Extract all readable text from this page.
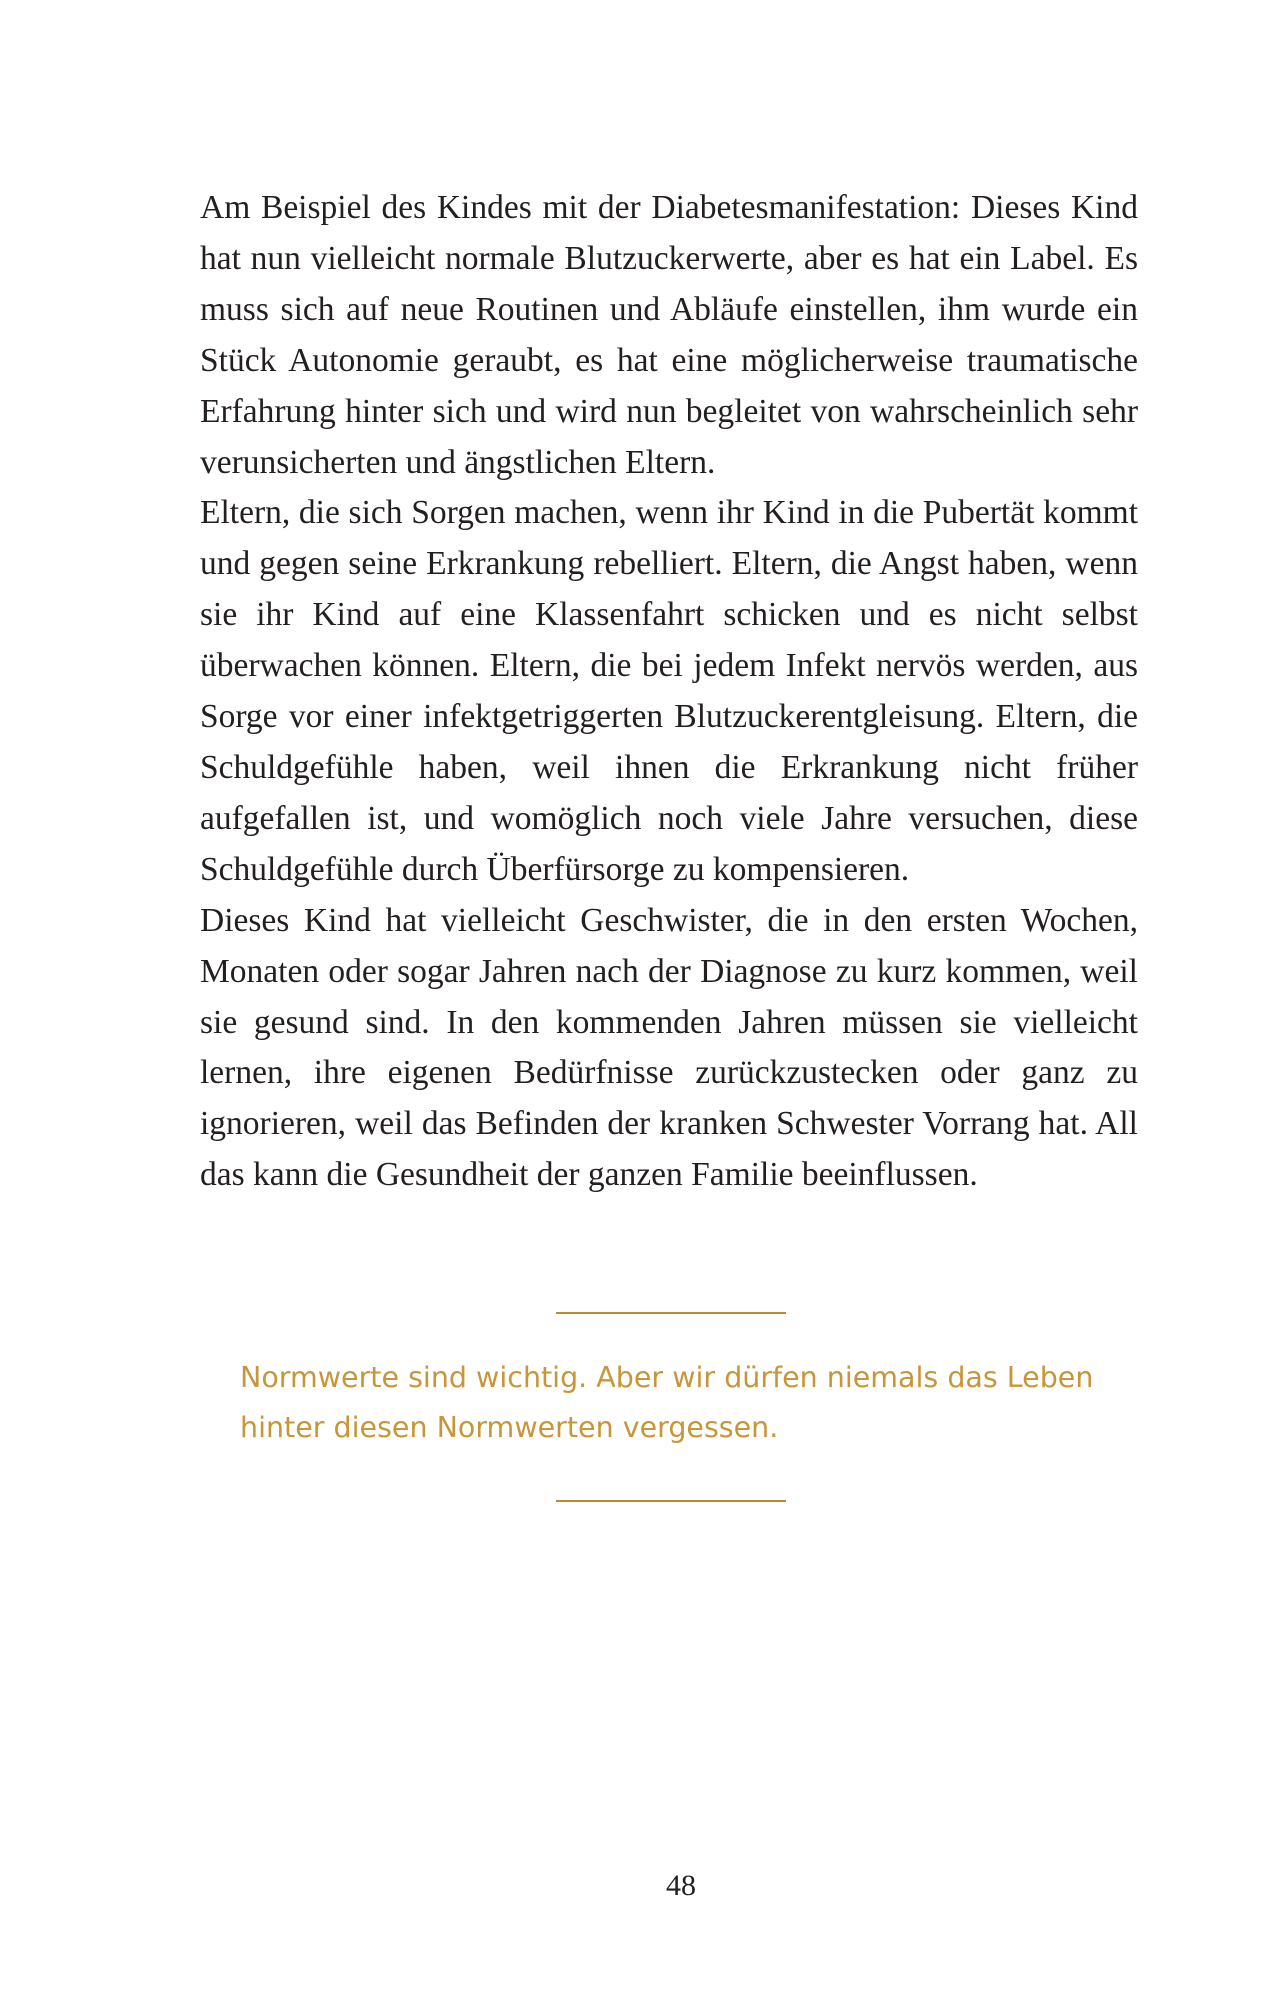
Am Beispiel des Kindes mit der Diabetesmanifestation: Dieses Kind hat nun vielleicht normale Blutzuckerwerte, aber es hat ein Label. Es muss sich auf neue Routinen und Abläufe einstellen, ihm wurde ein Stück Autonomie geraubt, es hat eine möglicherweise traumatische Erfahrung hinter sich und wird nun begleitet von wahrscheinlich sehr verunsicherten und ängstlichen Eltern.

Eltern, die sich Sorgen machen, wenn ihr Kind in die Pubertät kommt und gegen seine Erkrankung rebelliert. Eltern, die Angst haben, wenn sie ihr Kind auf eine Klassenfahrt schicken und es nicht selbst überwachen können. Eltern, die bei jedem Infekt nervös werden, aus Sorge vor einer infektgetriggerten Blutzuckerentgleisung. Eltern, die Schuldgefühle haben, weil ihnen die Erkrankung nicht früher aufgefallen ist, und womöglich noch viele Jahre versuchen, diese Schuldgefühle durch Überfürsorge zu kompensieren.

Dieses Kind hat vielleicht Geschwister, die in den ersten Wochen, Monaten oder sogar Jahren nach der Diagnose zu kurz kommen, weil sie gesund sind. In den kommenden Jahren müssen sie vielleicht lernen, ihre eigenen Bedürfnisse zurückzustecken oder ganz zu ignorieren, weil das Befinden der kranken Schwester Vorrang hat. All das kann die Gesundheit der ganzen Familie beeinflussen.

Normwerte sind wichtig. Aber wir dürfen niemals das Leben hinter diesen Normwerten vergessen.

48
